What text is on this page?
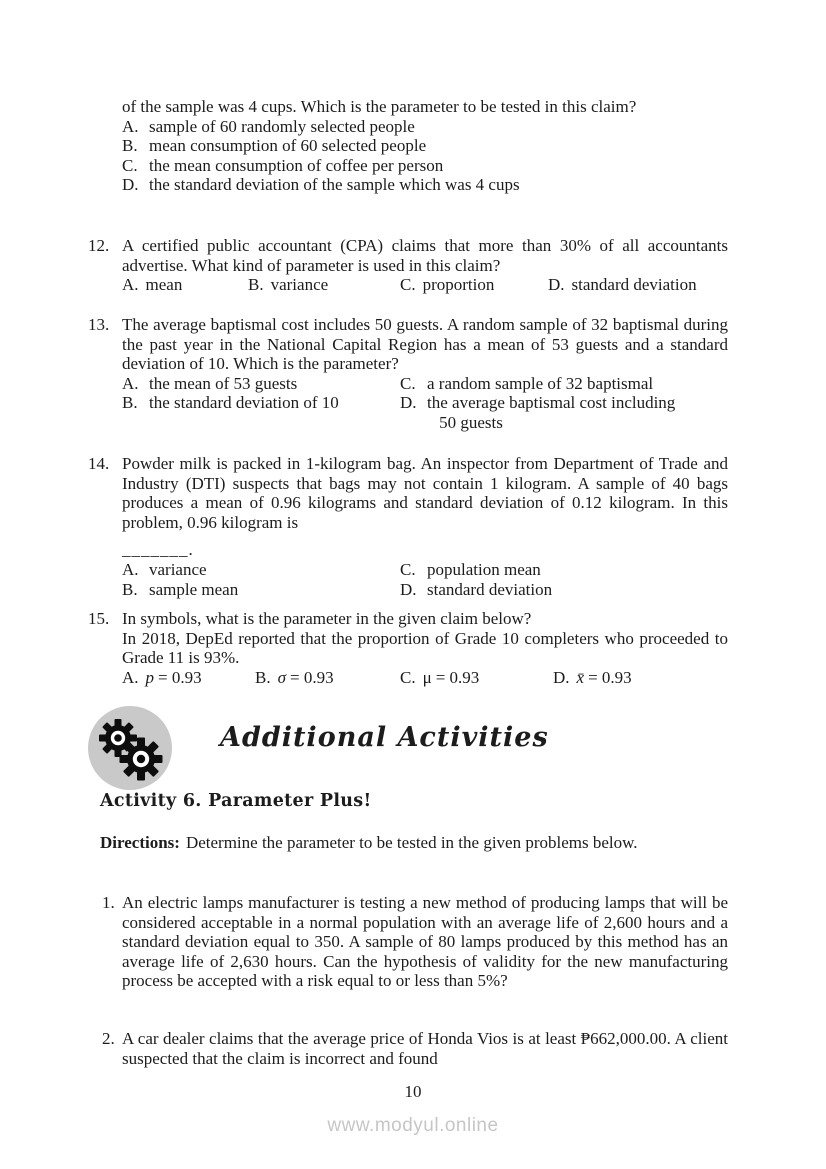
of the sample was 4 cups. Which is the parameter to be tested in this claim?

A. sample of 60 randomly selected people
B. mean consumption of 60 selected people
C. the mean consumption of coffee per person
D. the standard deviation of the sample which was 4 cups
12. A certified public accountant (CPA) claims that more than 30% of all accountants advertise. What kind of parameter is used in this claim?

A. mean	B. variance	C. proportion	D. standard deviation
13. The average baptismal cost includes 50 guests. A random sample of 32 baptismal during the past year in the National Capital Region has a mean of 53 guests and a standard deviation of 10. Which is the parameter?

A. the mean of 53 guests	C. a random sample of 32 baptismal
B. the standard deviation of 10	D. the average baptismal cost including
50 guests
14. Powder milk is packed in 1-kilogram bag. An inspector from Department of Trade and Industry (DTI) suspects that bags may not contain 1 kilogram. A sample of 40 bags produces a mean of 0.96 kilograms and standard deviation of 0.12 kilogram. In this problem, 0.96 kilogram is

_______.
A. variance	C. population mean
B. sample mean	D. standard deviation
15. In symbols, what is the parameter in the given claim below?

In 2018, DepEd reported that the proportion of Grade 10 completers who proceeded to Grade 11 is 93%.

A. p = 0.93	B. σ = 0.93	C. μ = 0.93	D. x̄ = 0.93
Additional Activities
Activity 6. Parameter Plus!

Directions: Determine the parameter to be tested in the given problems below.

1. An electric lamps manufacturer is testing a new method of producing lamps that will be considered acceptable in a normal population with an average life of 2,600 hours and a standard deviation equal to 350. A sample of 80 lamps produced by this method has an average life of 2,630 hours. Can the hypothesis of validity for the new manufacturing process be accepted with a risk equal to or less than 5%?

2. A car dealer claims that the average price of Honda Vios is at least ₱662,000.00. A client suspected that the claim is incorrect and found

10
www.modyul.online
